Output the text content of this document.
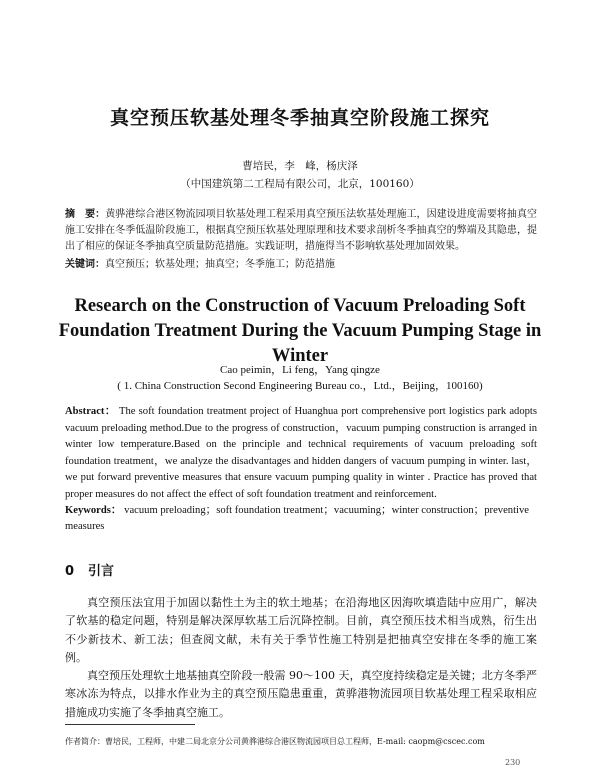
真空预压软基处理冬季抽真空阶段施工探究
曹培民，李　峰，杨庆泽
（中国建筑第二工程局有限公司，北京，100160）
摘　要：黄骅港综合港区物流园项目软基处理工程采用真空预压法软基处理施工，因建设进度需要将抽真空施工安排在冬季低温阶段施工，根据真空预压软基处理原理和技术要求剖析冬季抽真空的弊端及其隐患，提出了相应的保证冬季抽真空质量防范措施。实践证明，措施得当不影响软基处理加固效果。
关键词：真空预压；软基处理；抽真空；冬季施工；防范措施
Research on the Construction of Vacuum Preloading Soft Foundation Treatment During the Vacuum Pumping Stage in Winter
Cao peimin，Li feng，Yang qingze
( 1. China Construction Second Engineering Bureau co.，Ltd.，Beijing，100160)
Abstract： The soft foundation treatment project of Huanghua port comprehensive port logistics park adopts vacuum preloading method.Due to the progress of construction，vacuum pumping construction is arranged in winter low temperature.Based on the principle and technical requirements of vacuum preloading soft foundation treatment，we analyze the disadvantages and hidden dangers of vacuum pumping in winter. last，we put forward preventive measures that ensure vacuum pumping quality in winter . Practice has proved that proper measures do not affect the effect of soft foundation treatment and reinforcement.
Keywords： vacuum preloading；soft foundation treatment；vacuuming；winter construction；preventive measures
0 引言

真空预压法宜用于加固以黏性土为主的软土地基；在沿海地区因海吹填造陆中应用广，解决了软基的稳定问题，特别是解决深厚软基工后沉降控制。目前，真空预压技术相当成熟，衍生出不少新技术、新工法；但查阅文献，未有关于季节性施工特别是把抽真空安排在冬季的施工案例。

真空预压处理软土地基抽真空阶段一般需 90～100 天，真空度持续稳定是关键；北方冬季严寒冰冻为特点，以排水作业为主的真空预压隐患重重，黄骅港物流园项目软基处理工程采取相应措施成功实施了冬季抽真空施工。

作者简介：曹培民，工程师，中建二局北京分公司黄骅港综合港区物流园项目总工程师，E-mail: caopm@cscec.com
230
